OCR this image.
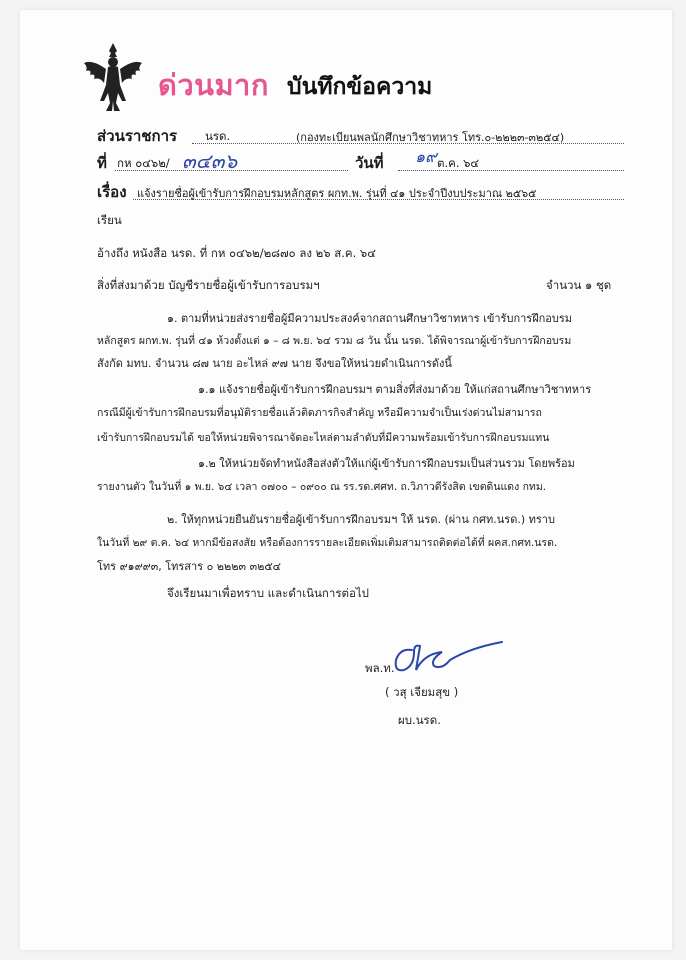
ด่วนมาก บันทึกข้อความ
ส่วนราชการ นรด.	(กองทะเบียนพลนักศึกษาวิชาทหาร โทร.๐-๒๒๒๓-๓๒๕๔)
ที่ กห ๐๔๖๒/ ๓๔๓๖	วันที่ ๑๙ ต.ค. ๖๔
เรื่อง แจ้งรายชื่อผู้เข้ารับการฝึกอบรมหลักสูตร ผกท.พ. รุ่นที่ ๔๑ ประจำปีงบประมาณ ๒๕๖๕
เรียน
อ้างถึง หนังสือ นรด. ที่ กห ๐๔๖๒/๒๘๗๐ ลง ๒๖ ส.ค. ๖๔
สิ่งที่ส่งมาด้วย บัญชีรายชื่อผู้เข้ารับการอบรมฯ	จำนวน ๑ ชุด
๑. ตามที่หน่วยส่งรายชื่อผู้มีความประสงค์จากสถานศึกษาวิชาทหาร เข้ารับการฝึกอบรม
หลักสูตร ผกท.พ. รุ่นที่ ๔๑ ห้วงตั้งแต่ ๑ – ๘ พ.ย. ๖๔ รวม ๘ วัน นั้น นรด. ได้พิจารณาผู้เข้ารับการฝึกอบรม
สังกัด มทบ. จำนวน ๘๗ นาย อะไหล่ ๙๗ นาย จึงขอให้หน่วยดำเนินการดังนี้
๑.๑ แจ้งรายชื่อผู้เข้ารับการฝึกอบรมฯ ตามสิ่งที่ส่งมาด้วย ให้แก่สถานศึกษาวิชาทหาร
กรณีมีผู้เข้ารับการฝึกอบรมที่อนุมัติรายชื่อแล้วติดภารกิจสำคัญ หรือมีความจำเป็นเร่งด่วนไม่สามารถ
เข้ารับการฝึกอบรมได้ ขอให้หน่วยพิจารณาจัดอะไหล่ตามลำดับที่มีความพร้อมเข้ารับการฝึกอบรมแทน
๑.๒ ให้หน่วยจัดทำหนังสือส่งตัวให้แก่ผู้เข้ารับการฝึกอบรมเป็นส่วนรวม โดยพร้อม
รายงานตัว ในวันที่ ๑ พ.ย. ๖๔ เวลา ๐๗๐๐ – ๐๙๐๐ ณ รร.รด.ศศท. ถ.วิภาวดีรังสิต เขตดินแดง กทม.
๒. ให้ทุกหน่วยยืนยันรายชื่อผู้เข้ารับการฝึกอบรมฯ ให้ นรด. (ผ่าน กศท.นรด.) ทราบ
ในวันที่ ๒๙ ต.ค. ๖๔ หากมีข้อสงสัย หรือต้องการรายละเอียดเพิ่มเติมสามารถติดต่อได้ที่ ผคส.กศท.นรด.
โทร ๙๑๙๙๓, โทรสาร ๐ ๒๒๒๓ ๓๒๕๔
จึงเรียนมาเพื่อทราบ และดำเนินการต่อไป
พล.ท.
( วสุ เจียมสุข )
ผบ.นรด.
